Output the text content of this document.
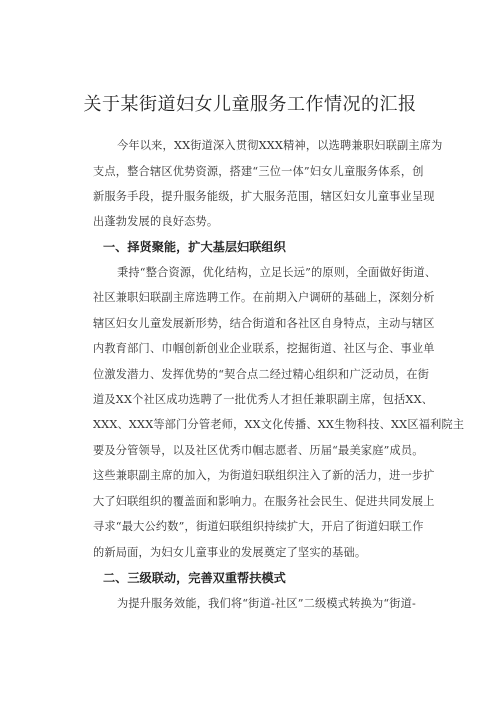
关于某街道妇女儿童服务工作情况的汇报
今年以来，XX街道深入贯彻XXX精神，以选聘兼职妇联副主席为
支点，整合辖区优势资源，搭建“三位一体”妇女儿童服务体系，创
新服务手段，提升服务能级，扩大服务范围，辖区妇女儿童事业呈现
出蓬勃发展的良好态势。
一、择贤聚能，扩大基层妇联组织
秉持“整合资源，优化结构，立足长远”的原则，全面做好街道、
社区兼职妇联副主席选聘工作。在前期入户调研的基础上，深刻分析
辖区妇女儿童发展新形势，结合街道和各社区自身特点，主动与辖区
内教育部门、巾帼创新创业企业联系，挖掘街道、社区与企、事业单
位激发潜力、发挥优势的“契合点二经过精心组织和广泛动员，在街
道及XX个社区成功选聘了一批优秀人才担任兼职副主席，包括XX、
XXX、XXX等部门分管老师，XX文化传播、XX生物科技、XX区福利院主
要及分管领导，以及社区优秀巾帼志愿者、历届“最美家庭”成员。
这些兼职副主席的加入，为街道妇联组织注入了新的活力，进一步扩
大了妇联组织的覆盖面和影响力。在服务社会民生、促进共同发展上
寻求“最大公约数”，街道妇联组织持续扩大，开启了街道妇联工作
的新局面，为妇女儿童事业的发展奠定了坚实的基础。
二、三级联动，完善双重帮扶模式
为提升服务效能，我们将“街道-社区”二级模式转换为“街道-
